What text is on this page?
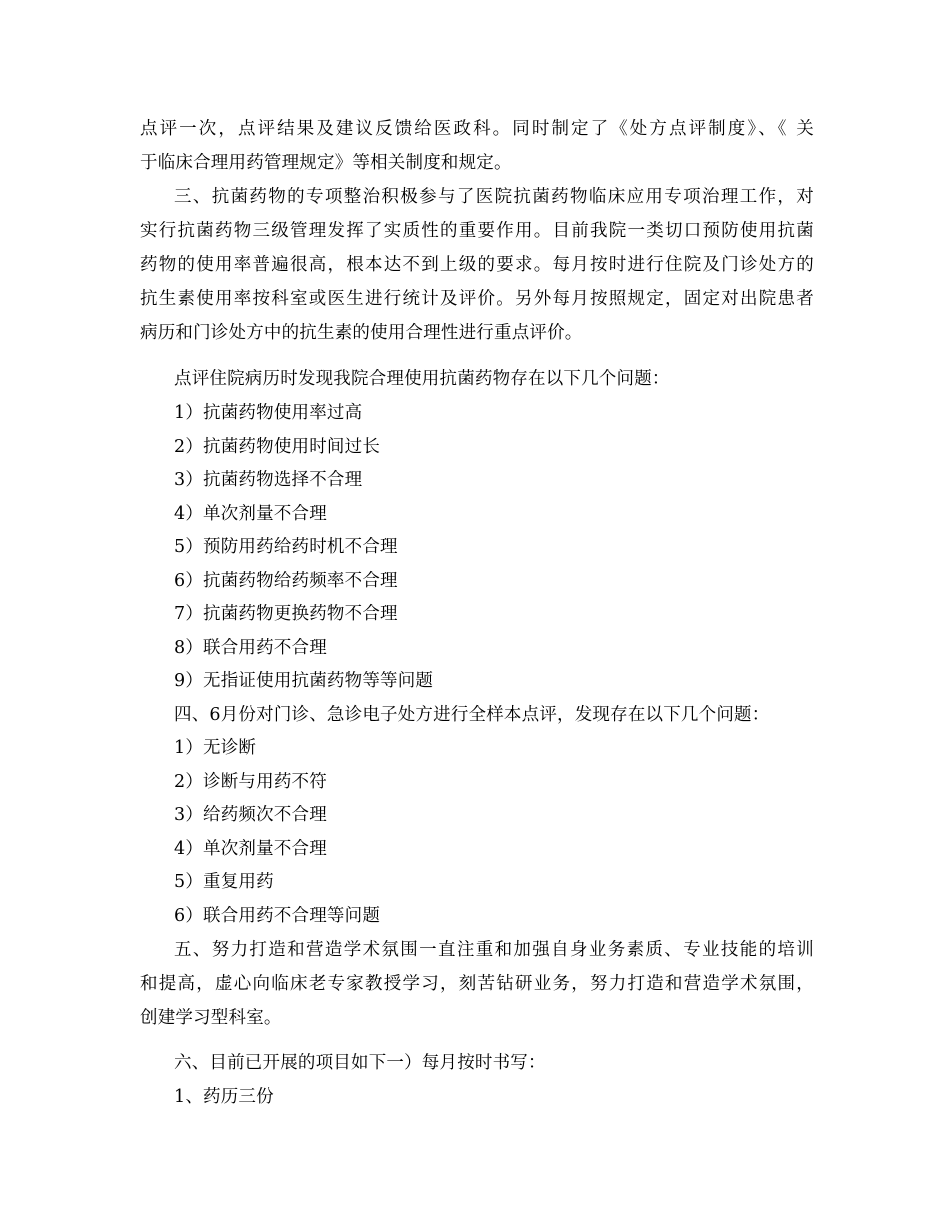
点评一次，点评结果及建议反馈给医政科。同时制定了《处方点评制度》、《 关
于临床合理用药管理规定》等相关制度和规定。
三、抗菌药物的专项整治积极参与了医院抗菌药物临床应用专项治理工作，对
实行抗菌药物三级管理发挥了实质性的重要作用。目前我院一类切口预防使用抗菌
药物的使用率普遍很高，根本达不到上级的要求。每月按时进行住院及门诊处方的
抗生素使用率按科室或医生进行统计及评价。另外每月按照规定，固定对出院患者
病历和门诊处方中的抗生素的使用合理性进行重点评价。
点评住院病历时发现我院合理使用抗菌药物存在以下几个问题：
1）抗菌药物使用率过高
2）抗菌药物使用时间过长
3）抗菌药物选择不合理
4）单次剂量不合理
5）预防用药给药时机不合理
6）抗菌药物给药频率不合理
7）抗菌药物更换药物不合理
8）联合用药不合理
9）无指证使用抗菌药物等等问题
四、6月份对门诊、急诊电子处方进行全样本点评，发现存在以下几个问题：
1）无诊断
2）诊断与用药不符
3）给药频次不合理
4）单次剂量不合理
5）重复用药
6）联合用药不合理等问题
五、努力打造和营造学术氛围一直注重和加强自身业务素质、专业技能的培训
和提高，虚心向临床老专家教授学习，刻苦钻研业务，努力打造和营造学术氛围，
创建学习型科室。
六、目前已开展的项目如下一）每月按时书写：
1、药历三份
